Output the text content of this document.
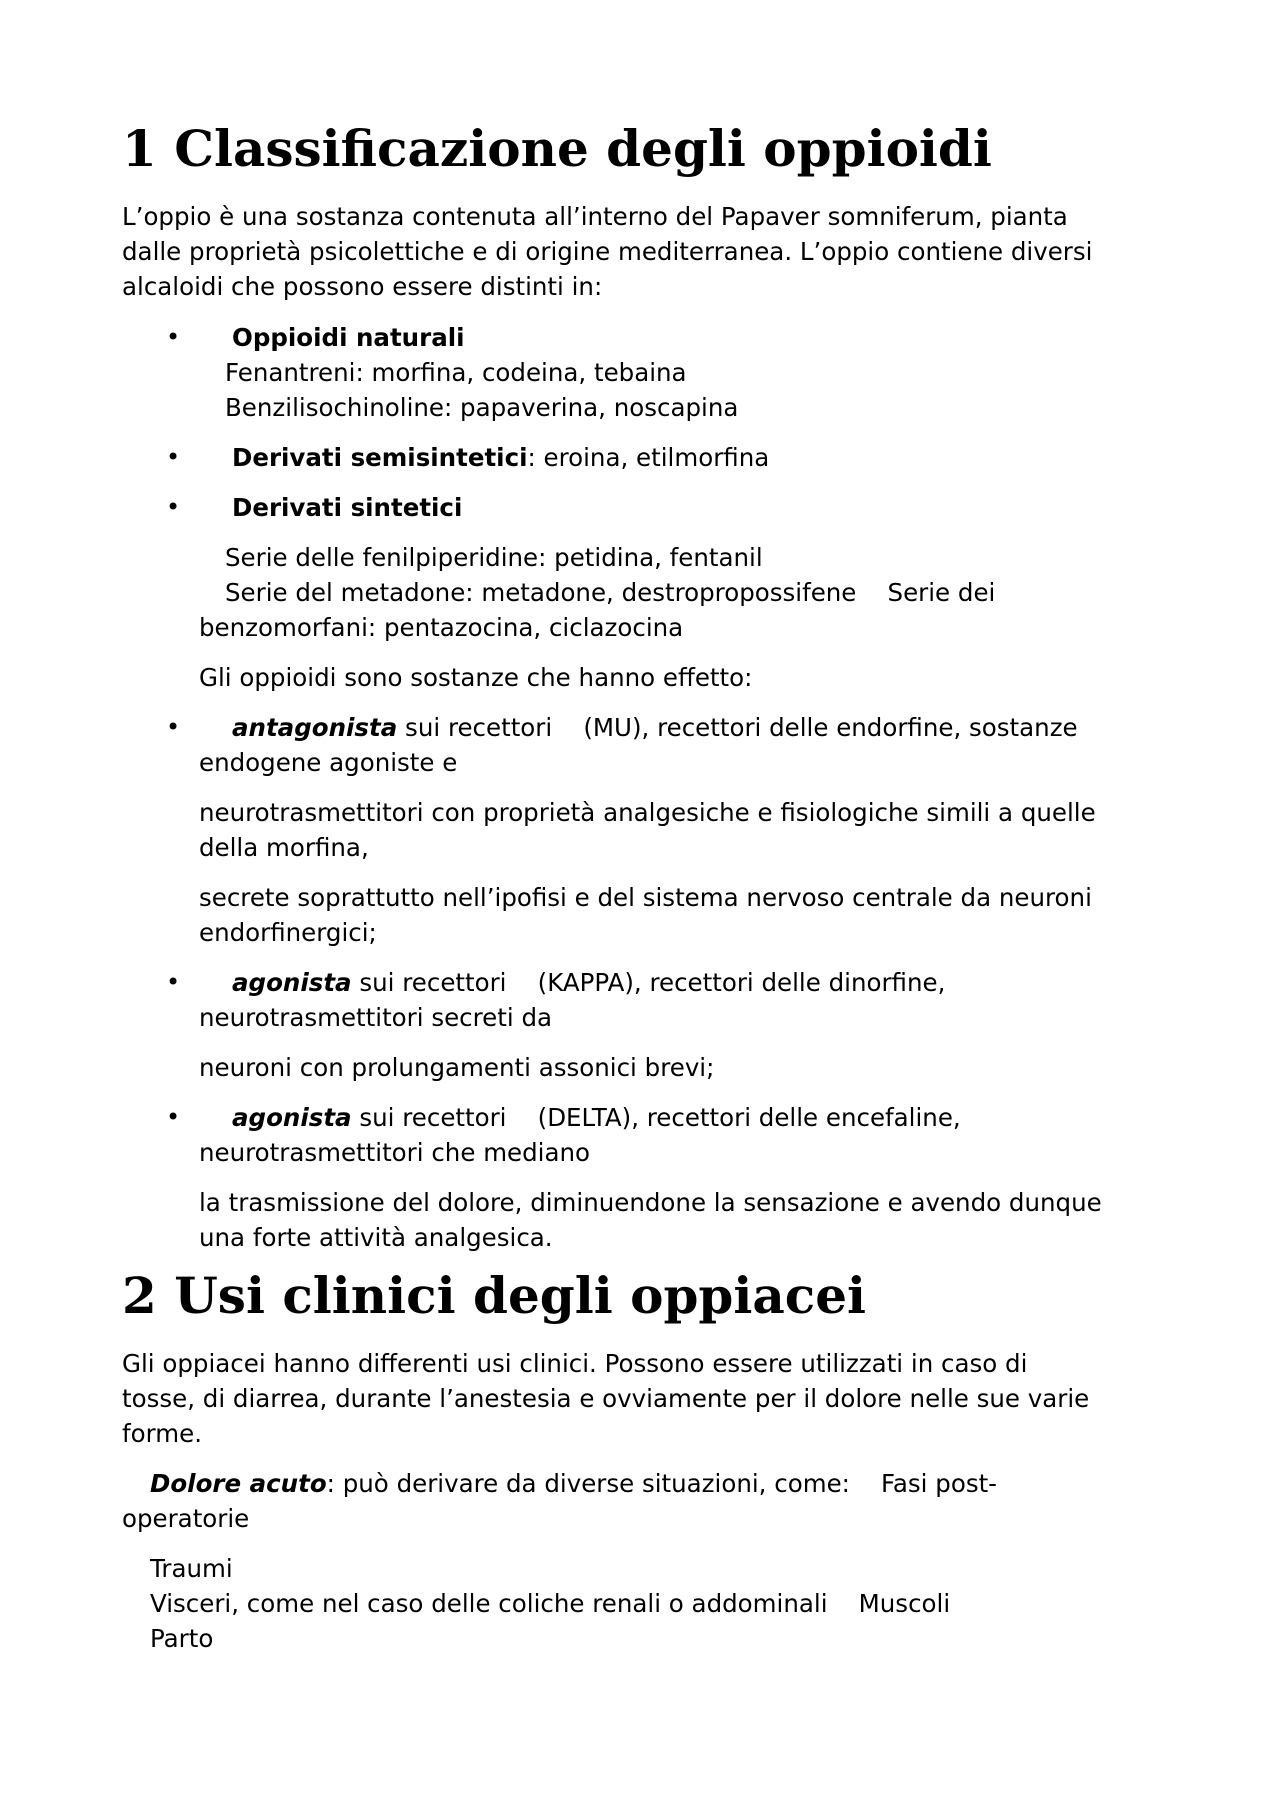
1 Classificazione degli oppioidi
L’oppio è una sostanza contenuta all’interno del Papaver somniferum, pianta
dalle proprietà psicolettiche e di origine mediterranea. L’oppio contiene diversi
alcaloidi che possono essere distinti in:
• Oppioidi naturali
Fenantreni: morfina, codeina, tebaina
Benzilisochinoline: papaverina, noscapina
• Derivati semisintetici: eroina, etilmorfina
• Derivati sintetici
Serie delle fenilpiperidine: petidina, fentanil
Serie del metadone: metadone, destropropossifene    Serie dei
benzomorfani: pentazocina, ciclazocina
Gli oppioidi sono sostanze che hanno effetto:
• antagonista sui recettori    (MU), recettori delle endorfine, sostanze
endogene agoniste e
neurotrasmettitori con proprietà analgesiche e fisiologiche simili a quelle
della morfina,
secrete soprattutto nell’ipofisi e del sistema nervoso centrale da neuroni
endorfinergici;
• agonista sui recettori    (KAPPA), recettori delle dinorfine,
neurotrasmettitori secreti da
neuroni con prolungamenti assonici brevi;
• agonista sui recettori    (DELTA), recettori delle encefaline,
neurotrasmettitori che mediano
la trasmissione del dolore, diminuendone la sensazione e avendo dunque
una forte attività analgesica.
2 Usi clinici degli oppiacei
Gli oppiacei hanno differenti usi clinici. Possono essere utilizzati in caso di
tosse, di diarrea, durante l’anestesia e ovviamente per il dolore nelle sue varie
forme.
Dolore acuto: può derivare da diverse situazioni, come:    Fasi post-
operatorie
Traumi
Visceri, come nel caso delle coliche renali o addominali    Muscoli
Parto
